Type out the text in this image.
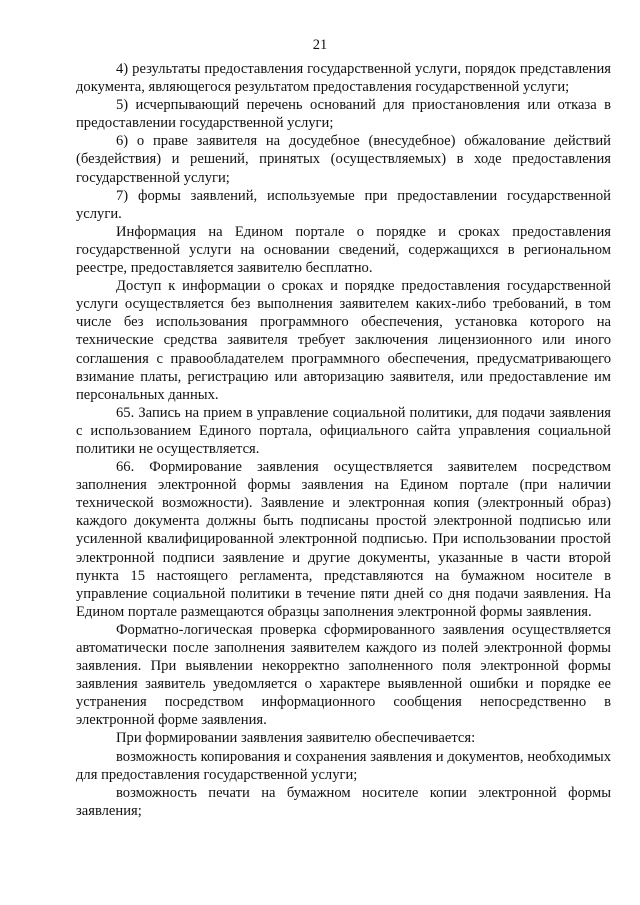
21

4) результаты предоставления государственной услуги, порядок представления документа, являющегося результатом предоставления государственной услуги;

5) исчерпывающий перечень оснований для приостановления или отказа в предоставлении государственной услуги;

6) о праве заявителя на досудебное (внесудебное) обжалование действий (бездействия) и решений, принятых (осуществляемых) в ходе предоставления государственной услуги;

7) формы заявлений, используемые при предоставлении государственной услуги.

Информация на Едином портале о порядке и сроках предоставления государственной услуги на основании сведений, содержащихся в региональном реестре, предоставляется заявителю бесплатно.

Доступ к информации о сроках и порядке предоставления государственной услуги осуществляется без выполнения заявителем каких-либо требований, в том числе без использования программного обеспечения, установка которого на технические средства заявителя требует заключения лицензионного или иного соглашения с правообладателем программного обеспечения, предусматривающего взимание платы, регистрацию или авторизацию заявителя, или предоставление им персональных данных.

65. Запись на прием в управление социальной политики, для подачи заявления с использованием Единого портала, официального сайта управления социальной политики не осуществляется.

66. Формирование заявления осуществляется заявителем посредством заполнения электронной формы заявления на Едином портале (при наличии технической возможности). Заявление и электронная копия (электронный образ) каждого документа должны быть подписаны простой электронной подписью или усиленной квалифицированной электронной подписью. При использовании простой электронной подписи заявление и другие документы, указанные в части второй пункта 15 настоящего регламента, представляются на бумажном носителе в управление социальной политики в течение пяти дней со дня подачи заявления. На Едином портале размещаются образцы заполнения электронной формы заявления.

Форматно-логическая проверка сформированного заявления осуществляется автоматически после заполнения заявителем каждого из полей электронной формы заявления. При выявлении некорректно заполненного поля электронной формы заявления заявитель уведомляется о характере выявленной ошибки и порядке ее устранения посредством информационного сообщения непосредственно в электронной форме заявления.

При формировании заявления заявителю обеспечивается:

возможность копирования и сохранения заявления и документов, необходимых для предоставления государственной услуги;

возможность печати на бумажном носителе копии электронной формы заявления;
